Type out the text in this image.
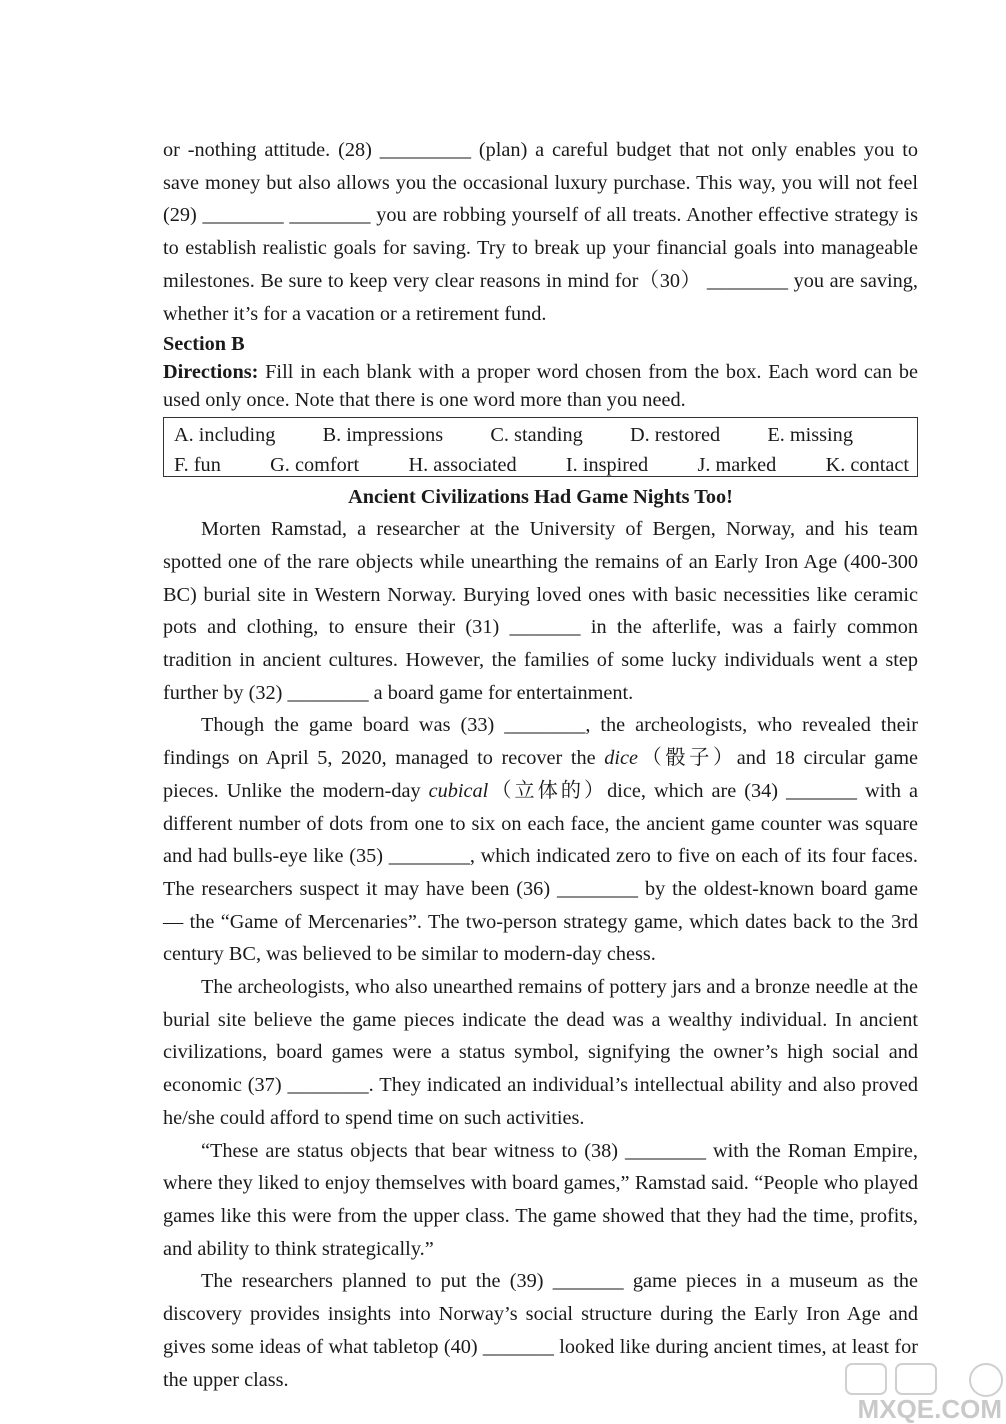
or -nothing attitude. (28) _________ (plan) a careful budget that not only enables you to save money but also allows you the occasional luxury purchase. This way, you will not feel (29) ________ ________ you are robbing yourself of all treats. Another effective strategy is to establish realistic goals for saving. Try to break up your financial goals into manageable milestones. Be sure to keep very clear reasons in mind for（30） ________ you are saving, whether it’s for a vacation or a retirement fund.

Section B

Directions: Fill in each blank with a proper word chosen from the box. Each word can be used only once. Note that there is one word more than you need.

A. including B. impressions C. standing D. restored E. missing
F. fun G. comfort H. associated I. inspired J. marked K. contact

Ancient Civilizations Had Game Nights Too!

Morten Ramstad, a researcher at the University of Bergen, Norway, and his team spotted one of the rare objects while unearthing the remains of an Early Iron Age (400-300 BC) burial site in Western Norway. Burying loved ones with basic necessities like ceramic pots and clothing, to ensure their (31) _______ in the afterlife, was a fairly common tradition in ancient cultures. However, the families of some lucky individuals went a step further by (32) ________ a board game for entertainment.

Though the game board was (33) ________, the archeologists, who revealed their findings on April 5, 2020, managed to recover the dice（骰子）and 18 circular game pieces. Unlike the modern-day cubical（立体的）dice, which are (34) _______ with a different number of dots from one to six on each face, the ancient game counter was square and had bulls-eye like (35) ________, which indicated zero to five on each of its four faces. The researchers suspect it may have been (36) ________ by the oldest-known board game — the “Game of Mercenaries”. The two-person strategy game, which dates back to the 3rd century BC, was believed to be similar to modern-day chess.

The archeologists, who also unearthed remains of pottery jars and a bronze needle at the burial site believe the game pieces indicate the dead was a wealthy individual. In ancient civilizations, board games were a status symbol, signifying the owner’s high social and economic (37) ________. They indicated an individual’s intellectual ability and also proved he/she could afford to spend time on such activities.

“These are status objects that bear witness to (38) ________ with the Roman Empire, where they liked to enjoy themselves with board games,” Ramstad said. “People who played games like this were from the upper class. The game showed that they had the time, profits, and ability to think strategically.”

The researchers planned to put the (39) _______ game pieces in a museum as the discovery provides insights into Norway’s social structure during the Early Iron Age and gives some ideas of what tabletop (40) _______ looked like during ancient times, at least for the upper class.

MXQE.COM
